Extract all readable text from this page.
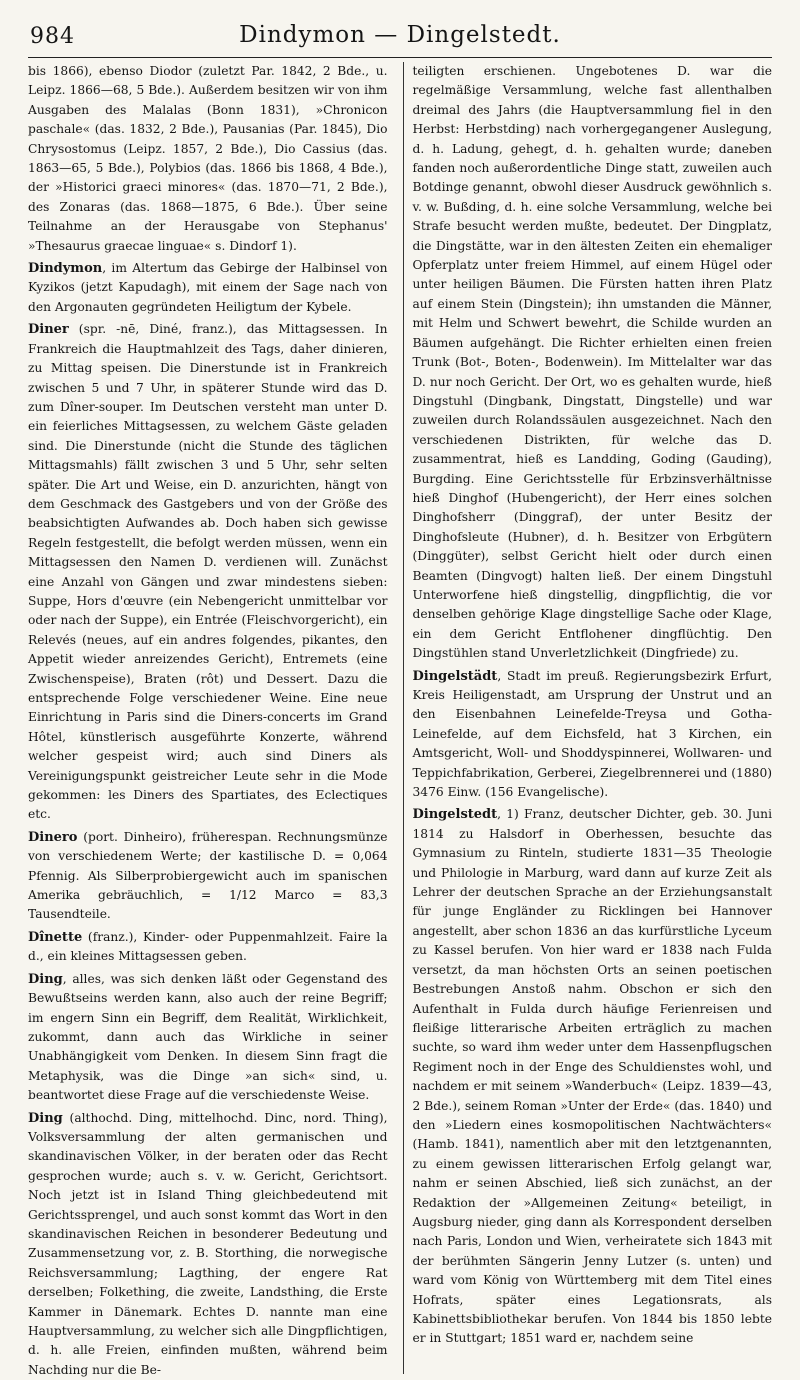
984	Dindymon — Dingelstedt.

bis 1866), ebenso Diodor (zuletzt Par. 1842, 2 Bde., u. Leipz. 1866—68, 5 Bde.). Außerdem besitzen wir von ihm Ausgaben des Malalas (Bonn 1831), »Chronicon paschale« (das. 1832, 2 Bde.), Pausanias (Par. 1845), Dio Chrysostomus (Leipz. 1857, 2 Bde.), Dio Cassius (das. 1863—65, 5 Bde.), Polybios (das. 1866 bis 1868, 4 Bde.), der »Historici graeci minores« (das. 1870—71, 2 Bde.), des Zonaras (das. 1868—1875, 6 Bde.). Über seine Teilnahme an der Herausgabe von Stephanus' »Thesaurus graecae linguae« s. Dindorf 1).

Dindymon, im Altertum das Gebirge der Halbinsel von Kyzikos (jetzt Kapudagh), mit einem der Sage nach von den Argonauten gegründeten Heiligtum der Kybele.

Diner (spr. -nē, Diné, franz.), das Mittagsessen. In Frankreich die Hauptmahlzeit des Tags, daher dinieren, zu Mittag speisen. Die Dinerstunde ist in Frankreich zwischen 5 und 7 Uhr, in späterer Stunde wird das D. zum Dîner-souper. Im Deutschen versteht man unter D. ein feierliches Mittagsessen, zu welchem Gäste geladen sind. Die Dinerstunde (nicht die Stunde des täglichen Mittagsmahls) fällt zwischen 3 und 5 Uhr, sehr selten später. Die Art und Weise, ein D. anzurichten, hängt von dem Geschmack des Gastgebers und von der Größe des beabsichtigten Aufwandes ab. Doch haben sich gewisse Regeln festgestellt, die befolgt werden müssen, wenn ein Mittagsessen den Namen D. verdienen will. Zunächst eine Anzahl von Gängen und zwar mindestens sieben: Suppe, Hors d'œuvre (ein Nebengericht unmittelbar vor oder nach der Suppe), ein Entrée (Fleischvorgericht), ein Relevés (neues, auf ein andres folgendes, pikantes, den Appetit wieder anreizendes Gericht), Entremets (eine Zwischenspeise), Braten (rôt) und Dessert. Dazu die entsprechende Folge verschiedener Weine. Eine neue Einrichtung in Paris sind die Diners-concerts im Grand Hôtel, künstlerisch ausgeführte Konzerte, während welcher gespeist wird; auch sind Diners als Vereinigungspunkt geistreicher Leute sehr in die Mode gekommen: les Diners des Spartiates, des Eclectiques etc.

Dinero (port. Dinheiro), früherespan. Rechnungsmünze von verschiedenem Werte; der kastilische D. = 0,064 Pfennig. Als Silberprobiergewicht auch im spanischen Amerika gebräuchlich, = 1/12 Marco = 83,3 Tausendteile.

Dînette (franz.), Kinder- oder Puppenmahlzeit. Faire la d., ein kleines Mittagsessen geben.

Ding, alles, was sich denken läßt oder Gegenstand des Bewußtseins werden kann, also auch der reine Begriff; im engern Sinn ein Begriff, dem Realität, Wirklichkeit, zukommt, dann auch das Wirkliche in seiner Unabhängigkeit vom Denken. In diesem Sinn fragt die Metaphysik, was die Dinge »an sich« sind, u. beantwortet diese Frage auf die verschiedenste Weise.

Ding (althochd. Ding, mittelhochd. Dinc, nord. Thing), Volksversammlung der alten germanischen und skandinavischen Völker, in der beraten oder das Recht gesprochen wurde; auch s. v. w. Gericht, Gerichtsort. Noch jetzt ist in Island Thing gleichbedeutend mit Gerichtssprengel, und auch sonst kommt das Wort in den skandinavischen Reichen in besonderer Bedeutung und Zusammensetzung vor, z. B. Storthing, die norwegische Reichsversammlung; Lagthing, der engere Rat derselben; Folkething, die zweite, Landsthing, die Erste Kammer in Dänemark. Echtes D. nannte man eine Hauptversammlung, zu welcher sich alle Dingpflichtigen, d. h. alle Freien, einfinden mußten, während beim Nachding nur die Be-

teiligten erschienen. Ungebotenes D. war die regelmäßige Versammlung, welche fast allenthalben dreimal des Jahrs (die Hauptversammlung fiel in den Herbst: Herbstding) nach vorhergegangener Auslegung, d. h. Ladung, gehegt, d. h. gehalten wurde; daneben fanden noch außerordentliche Dinge statt, zuweilen auch Botdinge genannt, obwohl dieser Ausdruck gewöhnlich s. v. w. Bußding, d. h. eine solche Versammlung, welche bei Strafe besucht werden mußte, bedeutet. Der Dingplatz, die Dingstätte, war in den ältesten Zeiten ein ehemaliger Opferplatz unter freiem Himmel, auf einem Hügel oder unter heiligen Bäumen. Die Fürsten hatten ihren Platz auf einem Stein (Dingstein); ihn umstanden die Männer, mit Helm und Schwert bewehrt, die Schilde wurden an Bäumen aufgehängt. Die Richter erhielten einen freien Trunk (Bot-, Boten-, Bodenwein). Im Mittelalter war das D. nur noch Gericht. Der Ort, wo es gehalten wurde, hieß Dingstuhl (Dingbank, Dingstatt, Dingstelle) und war zuweilen durch Rolandssäulen ausgezeichnet. Nach den verschiedenen Distrikten, für welche das D. zusammentrat, hieß es Landding, Goding (Gauding), Burgding. Eine Gerichtsstelle für Erbzinsverhältnisse hieß Dinghof (Hubengericht), der Herr eines solchen Dinghofsherr (Dinggraf), der unter Besitz der Dinghofsleute (Hubner), d. h. Besitzer von Erbgütern (Dinggüter), selbst Gericht hielt oder durch einen Beamten (Dingvogt) halten ließ. Der einem Dingstuhl Unterworfene hieß dingstellig, dingpflichtig, die vor denselben gehörige Klage dingstellige Sache oder Klage, ein dem Gericht Entflohener dingflüchtig. Den Dingstühlen stand Unverletzlichkeit (Dingfriede) zu.

Dingelstädt, Stadt im preuß. Regierungsbezirk Erfurt, Kreis Heiligenstadt, am Ursprung der Unstrut und an den Eisenbahnen Leinefelde-Treysa und Gotha-Leinefelde, auf dem Eichsfeld, hat 3 Kirchen, ein Amtsgericht, Woll- und Shoddyspinnerei, Wollwaren- und Teppichfabrikation, Gerberei, Ziegelbrennerei und (1880) 3476 Einw. (156 Evangelische).

Dingelstedt, 1) Franz, deutscher Dichter, geb. 30. Juni 1814 zu Halsdorf in Oberhessen, besuchte das Gymnasium zu Rinteln, studierte 1831—35 Theologie und Philologie in Marburg, ward dann auf kurze Zeit als Lehrer der deutschen Sprache an der Erziehungsanstalt für junge Engländer zu Ricklingen bei Hannover angestellt, aber schon 1836 an das kurfürstliche Lyceum zu Kassel berufen. Von hier ward er 1838 nach Fulda versetzt, da man höchsten Orts an seinen poetischen Bestrebungen Anstoß nahm. Obschon er sich den Aufenthalt in Fulda durch häufige Ferienreisen und fleißige litterarische Arbeiten erträglich zu machen suchte, so ward ihm weder unter dem Hassenpflugschen Regiment noch in der Enge des Schuldienstes wohl, und nachdem er mit seinem »Wanderbuch« (Leipz. 1839—43, 2 Bde.), seinem Roman »Unter der Erde« (das. 1840) und den »Liedern eines kosmopolitischen Nachtwächters« (Hamb. 1841), namentlich aber mit den letztgenannten, zu einem gewissen litterarischen Erfolg gelangt war, nahm er seinen Abschied, ließ sich zunächst, an der Redaktion der »Allgemeinen Zeitung« beteiligt, in Augsburg nieder, ging dann als Korrespondent derselben nach Paris, London und Wien, verheiratete sich 1843 mit der berühmten Sängerin Jenny Lutzer (s. unten) und ward vom König von Württemberg mit dem Titel eines Hofrats, später eines Legationsrats, als Kabinettsbibliothekar berufen. Von 1844 bis 1850 lebte er in Stuttgart; 1851 ward er, nachdem seine
